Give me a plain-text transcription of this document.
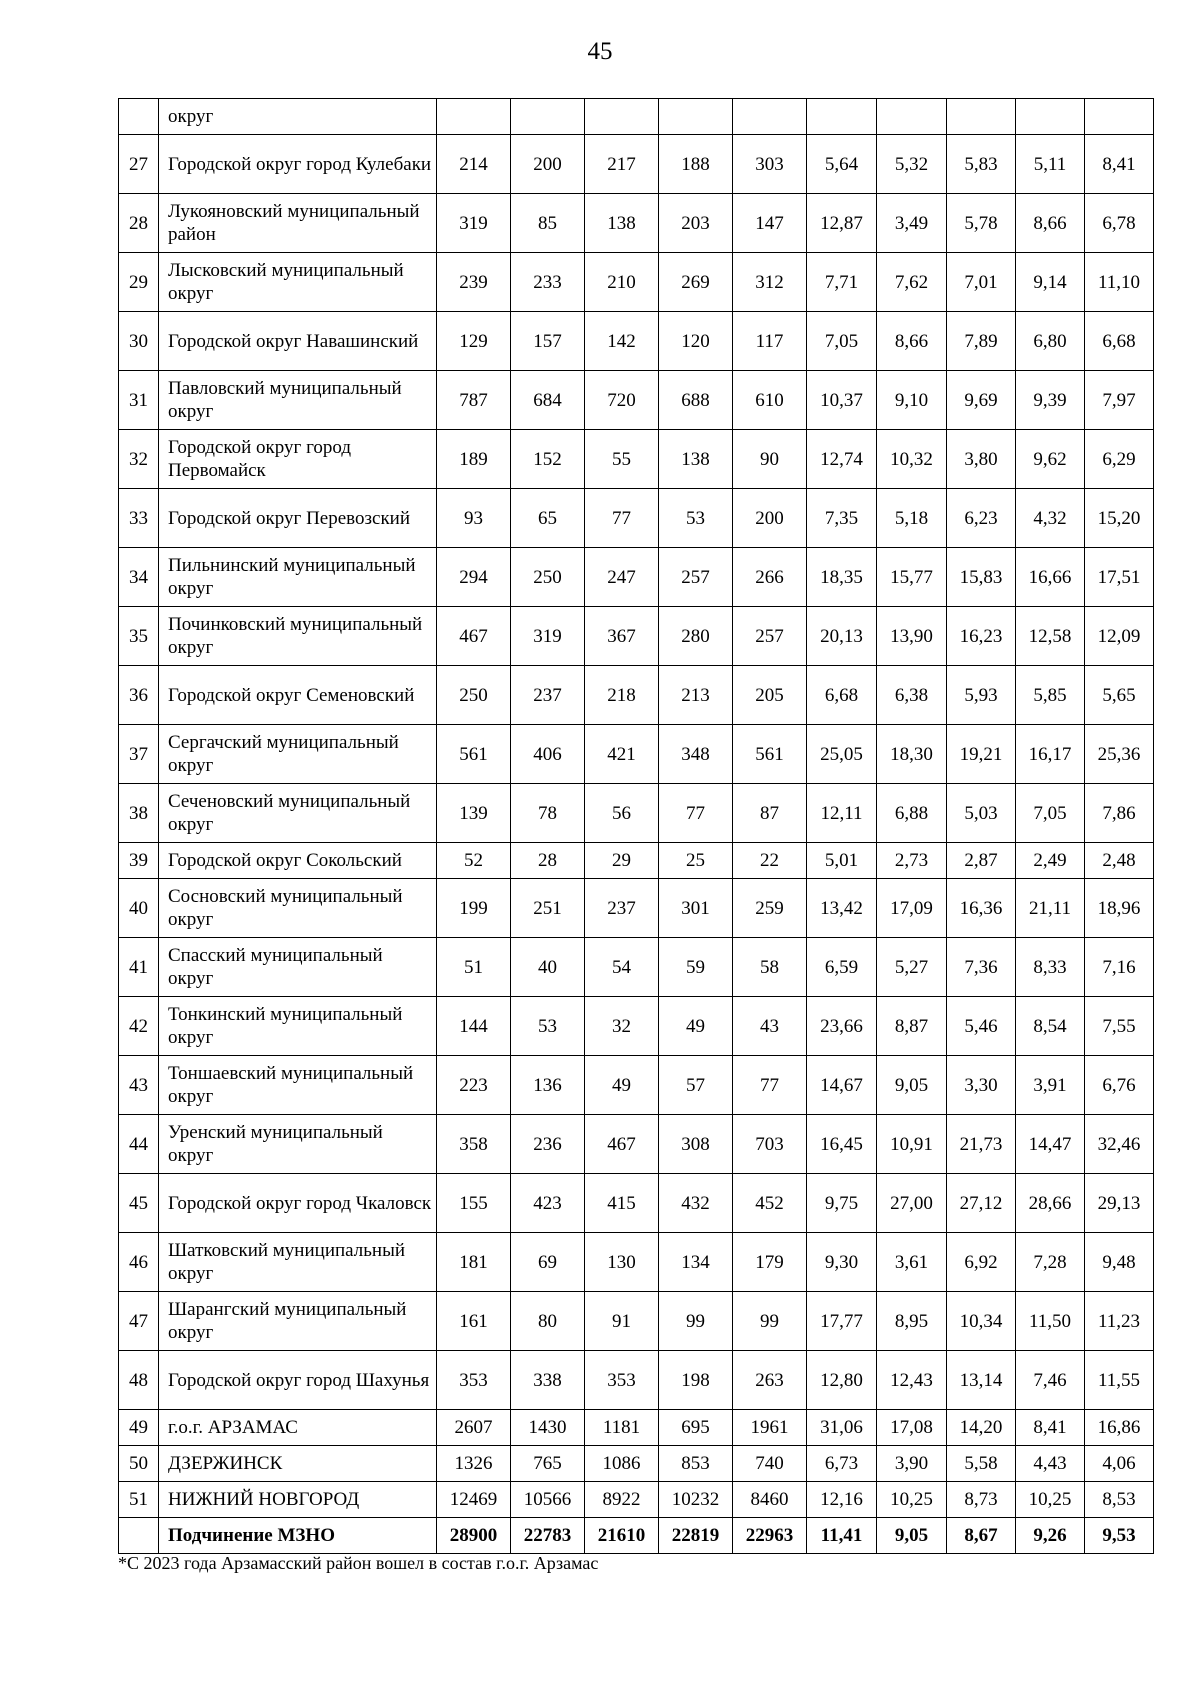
45
	округ										
27	Городской округ город Кулебаки	214	200	217	188	303	5,64	5,32	5,83	5,11	8,41
28	Лукояновский муниципальный район	319	85	138	203	147	12,87	3,49	5,78	8,66	6,78
29	Лысковский муниципальный округ	239	233	210	269	312	7,71	7,62	7,01	9,14	11,10
30	Городской округ Навашинский	129	157	142	120	117	7,05	8,66	7,89	6,80	6,68
31	Павловский муниципальный округ	787	684	720	688	610	10,37	9,10	9,69	9,39	7,97
32	Городской округ город Первомайск	189	152	55	138	90	12,74	10,32	3,80	9,62	6,29
33	Городской округ Перевозский	93	65	77	53	200	7,35	5,18	6,23	4,32	15,20
34	Пильнинский муниципальный округ	294	250	247	257	266	18,35	15,77	15,83	16,66	17,51
35	Починковский муниципальный округ	467	319	367	280	257	20,13	13,90	16,23	12,58	12,09
36	Городской округ Семеновский	250	237	218	213	205	6,68	6,38	5,93	5,85	5,65
37	Сергачский муниципальный округ	561	406	421	348	561	25,05	18,30	19,21	16,17	25,36
38	Сеченовский муниципальный округ	139	78	56	77	87	12,11	6,88	5,03	7,05	7,86
39	Городской округ Сокольский	52	28	29	25	22	5,01	2,73	2,87	2,49	2,48
40	Сосновский муниципальный округ	199	251	237	301	259	13,42	17,09	16,36	21,11	18,96
41	Спасский муниципальный округ	51	40	54	59	58	6,59	5,27	7,36	8,33	7,16
42	Тонкинский муниципальный округ	144	53	32	49	43	23,66	8,87	5,46	8,54	7,55
43	Тоншаевский муниципальный округ	223	136	49	57	77	14,67	9,05	3,30	3,91	6,76
44	Уренский муниципальный округ	358	236	467	308	703	16,45	10,91	21,73	14,47	32,46
45	Городской округ город Чкаловск	155	423	415	432	452	9,75	27,00	27,12	28,66	29,13
46	Шатковский муниципальный округ	181	69	130	134	179	9,30	3,61	6,92	7,28	9,48
47	Шарангский муниципальный округ	161	80	91	99	99	17,77	8,95	10,34	11,50	11,23
48	Городской округ город Шахунья	353	338	353	198	263	12,80	12,43	13,14	7,46	11,55
49	г.о.г. АРЗАМАС	2607	1430	1181	695	1961	31,06	17,08	14,20	8,41	16,86
50	ДЗЕРЖИНСК	1326	765	1086	853	740	6,73	3,90	5,58	4,43	4,06
51	НИЖНИЙ НОВГОРОД	12469	10566	8922	10232	8460	12,16	10,25	8,73	10,25	8,53
	Подчинение МЗНО	28900	22783	21610	22819	22963	11,41	9,05	8,67	9,26	9,53
*С 2023 года Арзамасский район вошел в состав г.о.г. Арзамас
